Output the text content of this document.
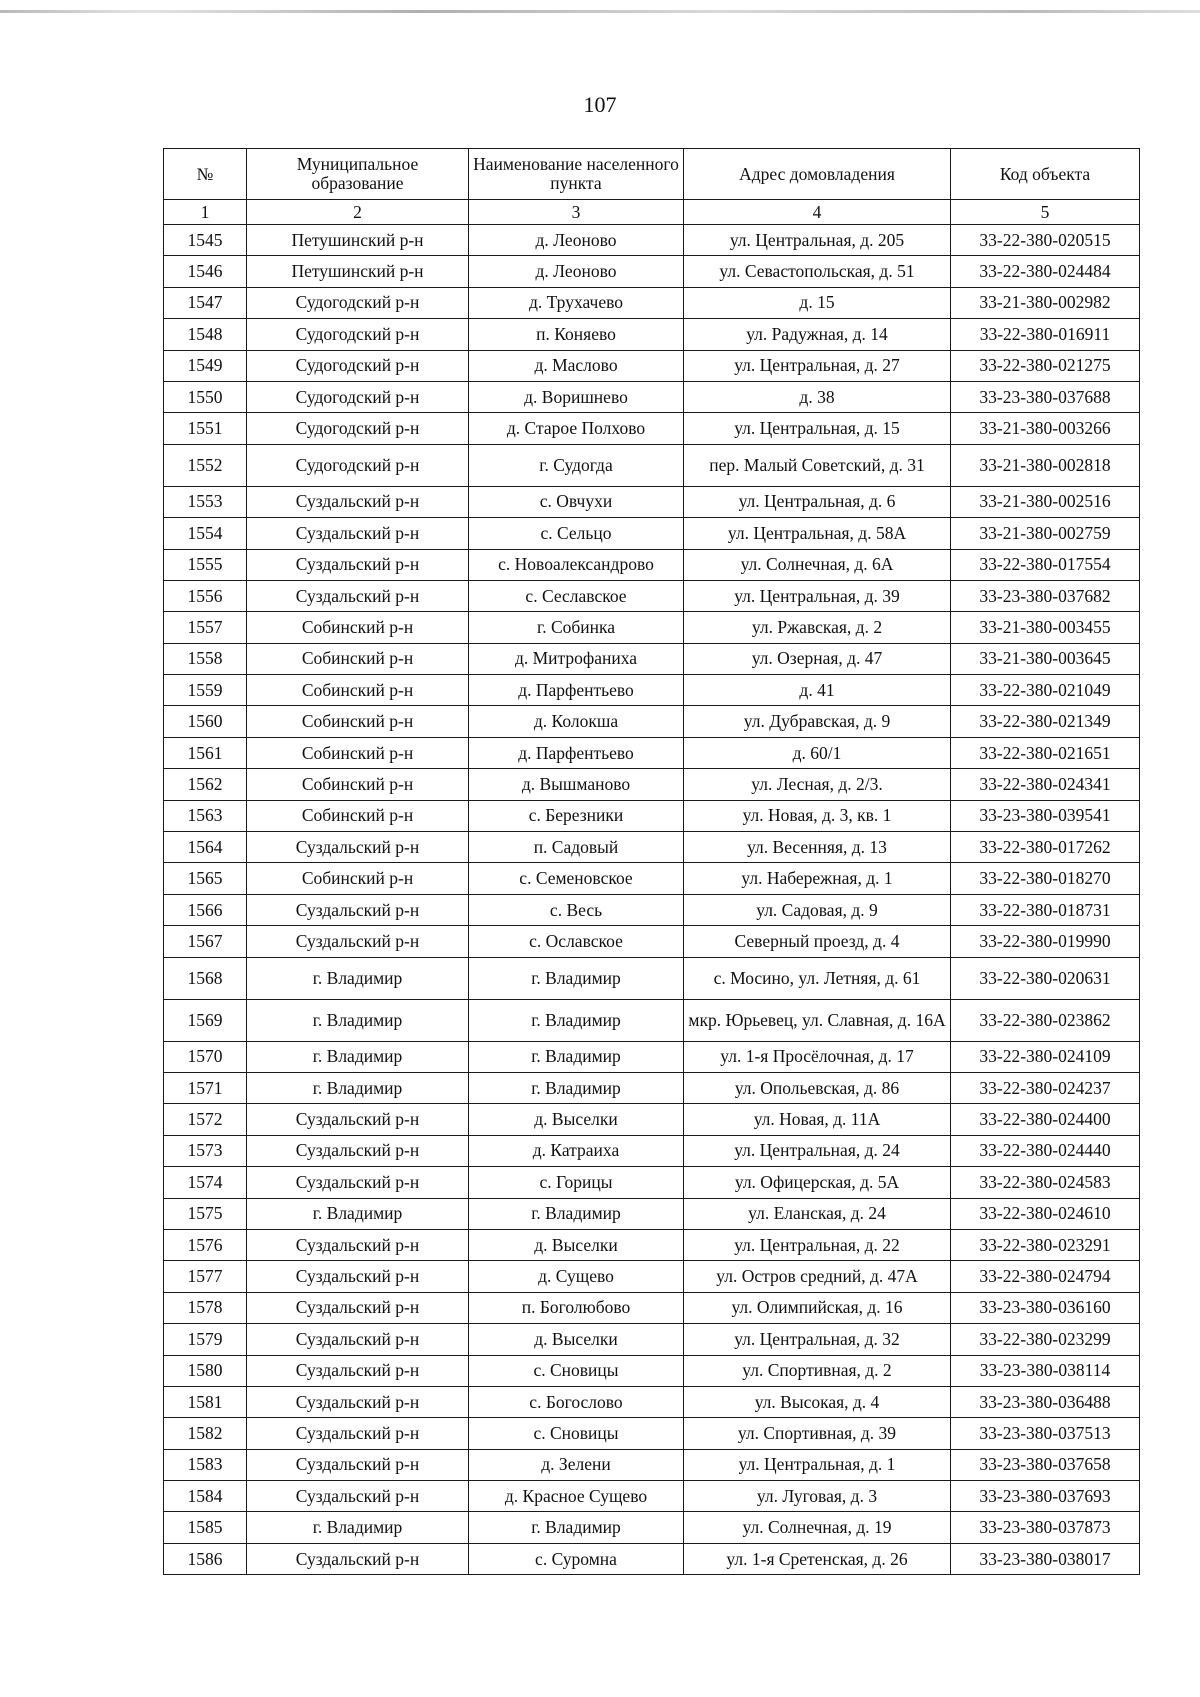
107
№	Муниципальное образование	Наименование населенного пункта	Адрес домовладения	Код объекта
1	2	3	4	5
1545	Петушинский р-н	д. Леоново	ул. Центральная, д. 205	33-22-380-020515
1546	Петушинский р-н	д. Леоново	ул. Севастопольская, д. 51	33-22-380-024484
1547	Судогодский р-н	д. Трухачево	д. 15	33-21-380-002982
1548	Судогодский р-н	п. Коняево	ул. Радужная, д. 14	33-22-380-016911
1549	Судогодский р-н	д. Маслово	ул. Центральная, д. 27	33-22-380-021275
1550	Судогодский р-н	д. Воришнево	д. 38	33-23-380-037688
1551	Судогодский р-н	д. Старое Полхово	ул. Центральная, д. 15	33-21-380-003266
1552	Судогодский р-н	г. Судогда	пер. Малый Советский, д. 31	33-21-380-002818
1553	Суздальский р-н	с. Овчухи	ул. Центральная, д. 6	33-21-380-002516
1554	Суздальский р-н	с. Сельцо	ул. Центральная, д. 58А	33-21-380-002759
1555	Суздальский р-н	с. Новоалександрово	ул. Солнечная, д. 6А	33-22-380-017554
1556	Суздальский р-н	с. Сеславское	ул. Центральная, д. 39	33-23-380-037682
1557	Собинский р-н	г. Собинка	ул. Ржавская, д. 2	33-21-380-003455
1558	Собинский р-н	д. Митрофаниха	ул. Озерная, д. 47	33-21-380-003645
1559	Собинский р-н	д. Парфентьево	д. 41	33-22-380-021049
1560	Собинский р-н	д. Колокша	ул. Дубравская, д. 9	33-22-380-021349
1561	Собинский р-н	д. Парфентьево	д. 60/1	33-22-380-021651
1562	Собинский р-н	д. Вышманово	ул. Лесная, д. 2/3.	33-22-380-024341
1563	Собинский р-н	с. Березники	ул. Новая, д. 3, кв. 1	33-23-380-039541
1564	Суздальский р-н	п. Садовый	ул. Весенняя, д. 13	33-22-380-017262
1565	Собинский р-н	с. Семеновское	ул. Набережная, д. 1	33-22-380-018270
1566	Суздальский р-н	с. Весь	ул. Садовая, д. 9	33-22-380-018731
1567	Суздальский р-н	с. Ославское	Северный проезд, д. 4	33-22-380-019990
1568	г. Владимир	г. Владимир	с. Мосино, ул. Летняя, д. 61	33-22-380-020631
1569	г. Владимир	г. Владимир	мкр. Юрьевец, ул. Славная, д. 16А	33-22-380-023862
1570	г. Владимир	г. Владимир	ул. 1-я Просёлочная, д. 17	33-22-380-024109
1571	г. Владимир	г. Владимир	ул. Опольевская, д. 86	33-22-380-024237
1572	Суздальский р-н	д. Выселки	ул. Новая, д. 11А	33-22-380-024400
1573	Суздальский р-н	д. Катраиха	ул. Центральная, д. 24	33-22-380-024440
1574	Суздальский р-н	с. Горицы	ул. Офицерская, д. 5А	33-22-380-024583
1575	г. Владимир	г. Владимир	ул. Еланская, д. 24	33-22-380-024610
1576	Суздальский р-н	д. Выселки	ул. Центральная, д. 22	33-22-380-023291
1577	Суздальский р-н	д. Сущево	ул. Остров средний, д. 47А	33-22-380-024794
1578	Суздальский р-н	п. Боголюбово	ул. Олимпийская, д. 16	33-23-380-036160
1579	Суздальский р-н	д. Выселки	ул. Центральная, д. 32	33-22-380-023299
1580	Суздальский р-н	с. Сновицы	ул. Спортивная, д. 2	33-23-380-038114
1581	Суздальский р-н	с. Богослово	ул. Высокая, д. 4	33-23-380-036488
1582	Суздальский р-н	с. Сновицы	ул. Спортивная, д. 39	33-23-380-037513
1583	Суздальский р-н	д. Зелени	ул. Центральная, д. 1	33-23-380-037658
1584	Суздальский р-н	д. Красное Сущево	ул. Луговая, д. 3	33-23-380-037693
1585	г. Владимир	г. Владимир	ул. Солнечная, д. 19	33-23-380-037873
1586	Суздальский р-н	с. Суромна	ул. 1-я Сретенская, д. 26	33-23-380-038017
